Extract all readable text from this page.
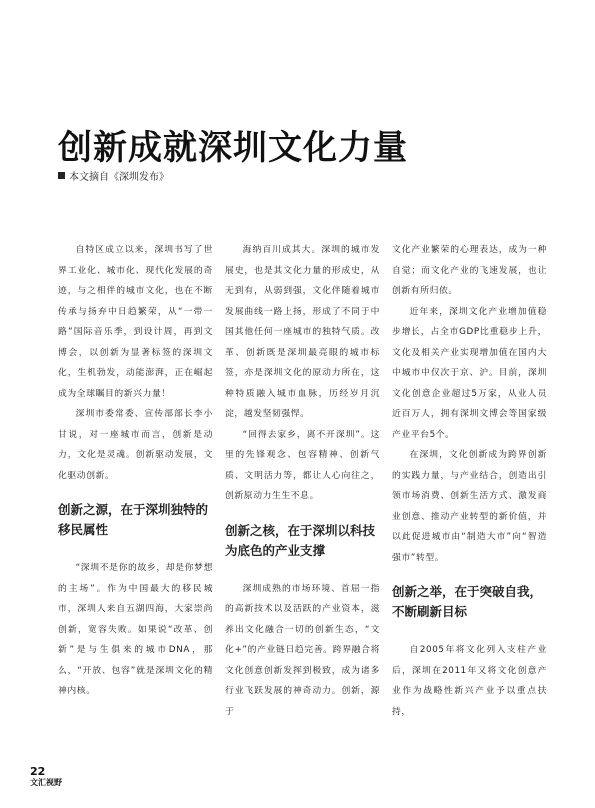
创新成就深圳文化力量
本文摘自《深圳发布》

自特区成立以来，深圳书写了世界工业化、城市化、现代化发展的奇迹，与之相伴的城市文化，也在不断传承与扬弃中日趋繁荣，从“一带一路”国际音乐季，到设计周，再到文博会，以创新为显著标签的深圳文化，生机勃发，动能澎湃，正在崛起成为全球瞩目的新兴力量！

深圳市委常委、宣传部部长李小甘说，对一座城市而言，创新是动力，文化是灵魂。创新驱动发展，文化驱动创新。

创新之源，在于深圳独特的移民属性

“深圳不是你的故乡，却是你梦想的主场”。作为中国最大的移民城市，深圳人来自五湖四海，大家崇尚创新，宽容失败。如果说“改革、创新”是与生俱来的城市DNA，那么，“开放、包容”就是深圳文化的精神内核。

海纳百川成其大。深圳的城市发展史，也是其文化力量的形成史，从无到有，从弱到强，文化伴随着城市发展曲线一路上扬，形成了不同于中国其他任何一座城市的独特气质。改革、创新既是深圳最亮眼的城市标签，亦是深圳文化的原动力所在，这种特质融入城市血脉，历经岁月沉淀，越发坚韧强悍。

“回得去家乡，离不开深圳”。这里的先锋观念、包容精神、创新气质、文明活力等，都让人心向往之，创新原动力生生不息。

创新之核，在于深圳以科技为底色的产业支撑

深圳成熟的市场环境、首屈一指的高新技术以及活跃的产业资本，滋养出文化融合一切的创新生态，“文化+”的产业链日趋完善。跨界融合将文化创意创新发挥到极致，成为诸多行业飞跃发展的神奇动力。创新，源于

文化产业繁荣的心理表达，成为一种自觉；而文化产业的飞速发展，也让创新有所归依。

近年来，深圳文化产业增加值稳步增长，占全市GDP比重稳步上升，文化及相关产业实现增加值在国内大中城市中仅次于京、沪。目前，深圳文化创意企业超过5万家，从业人员近百万人，拥有深圳文博会等国家级产业平台5个。

在深圳，文化创新成为跨界创新的实践力量，与产业结合，创造出引领市场消费、创新生活方式、激发商业创意、推动产业转型的新价值，并以此促进城市由“制造大市”向“智造强市”转型。

创新之举，在于突破自我，不断刷新目标

自2005年将文化列入支柱产业后，深圳在2011年又将文化创意产业作为战略性新兴产业予以重点扶持，

22
文汇视野
